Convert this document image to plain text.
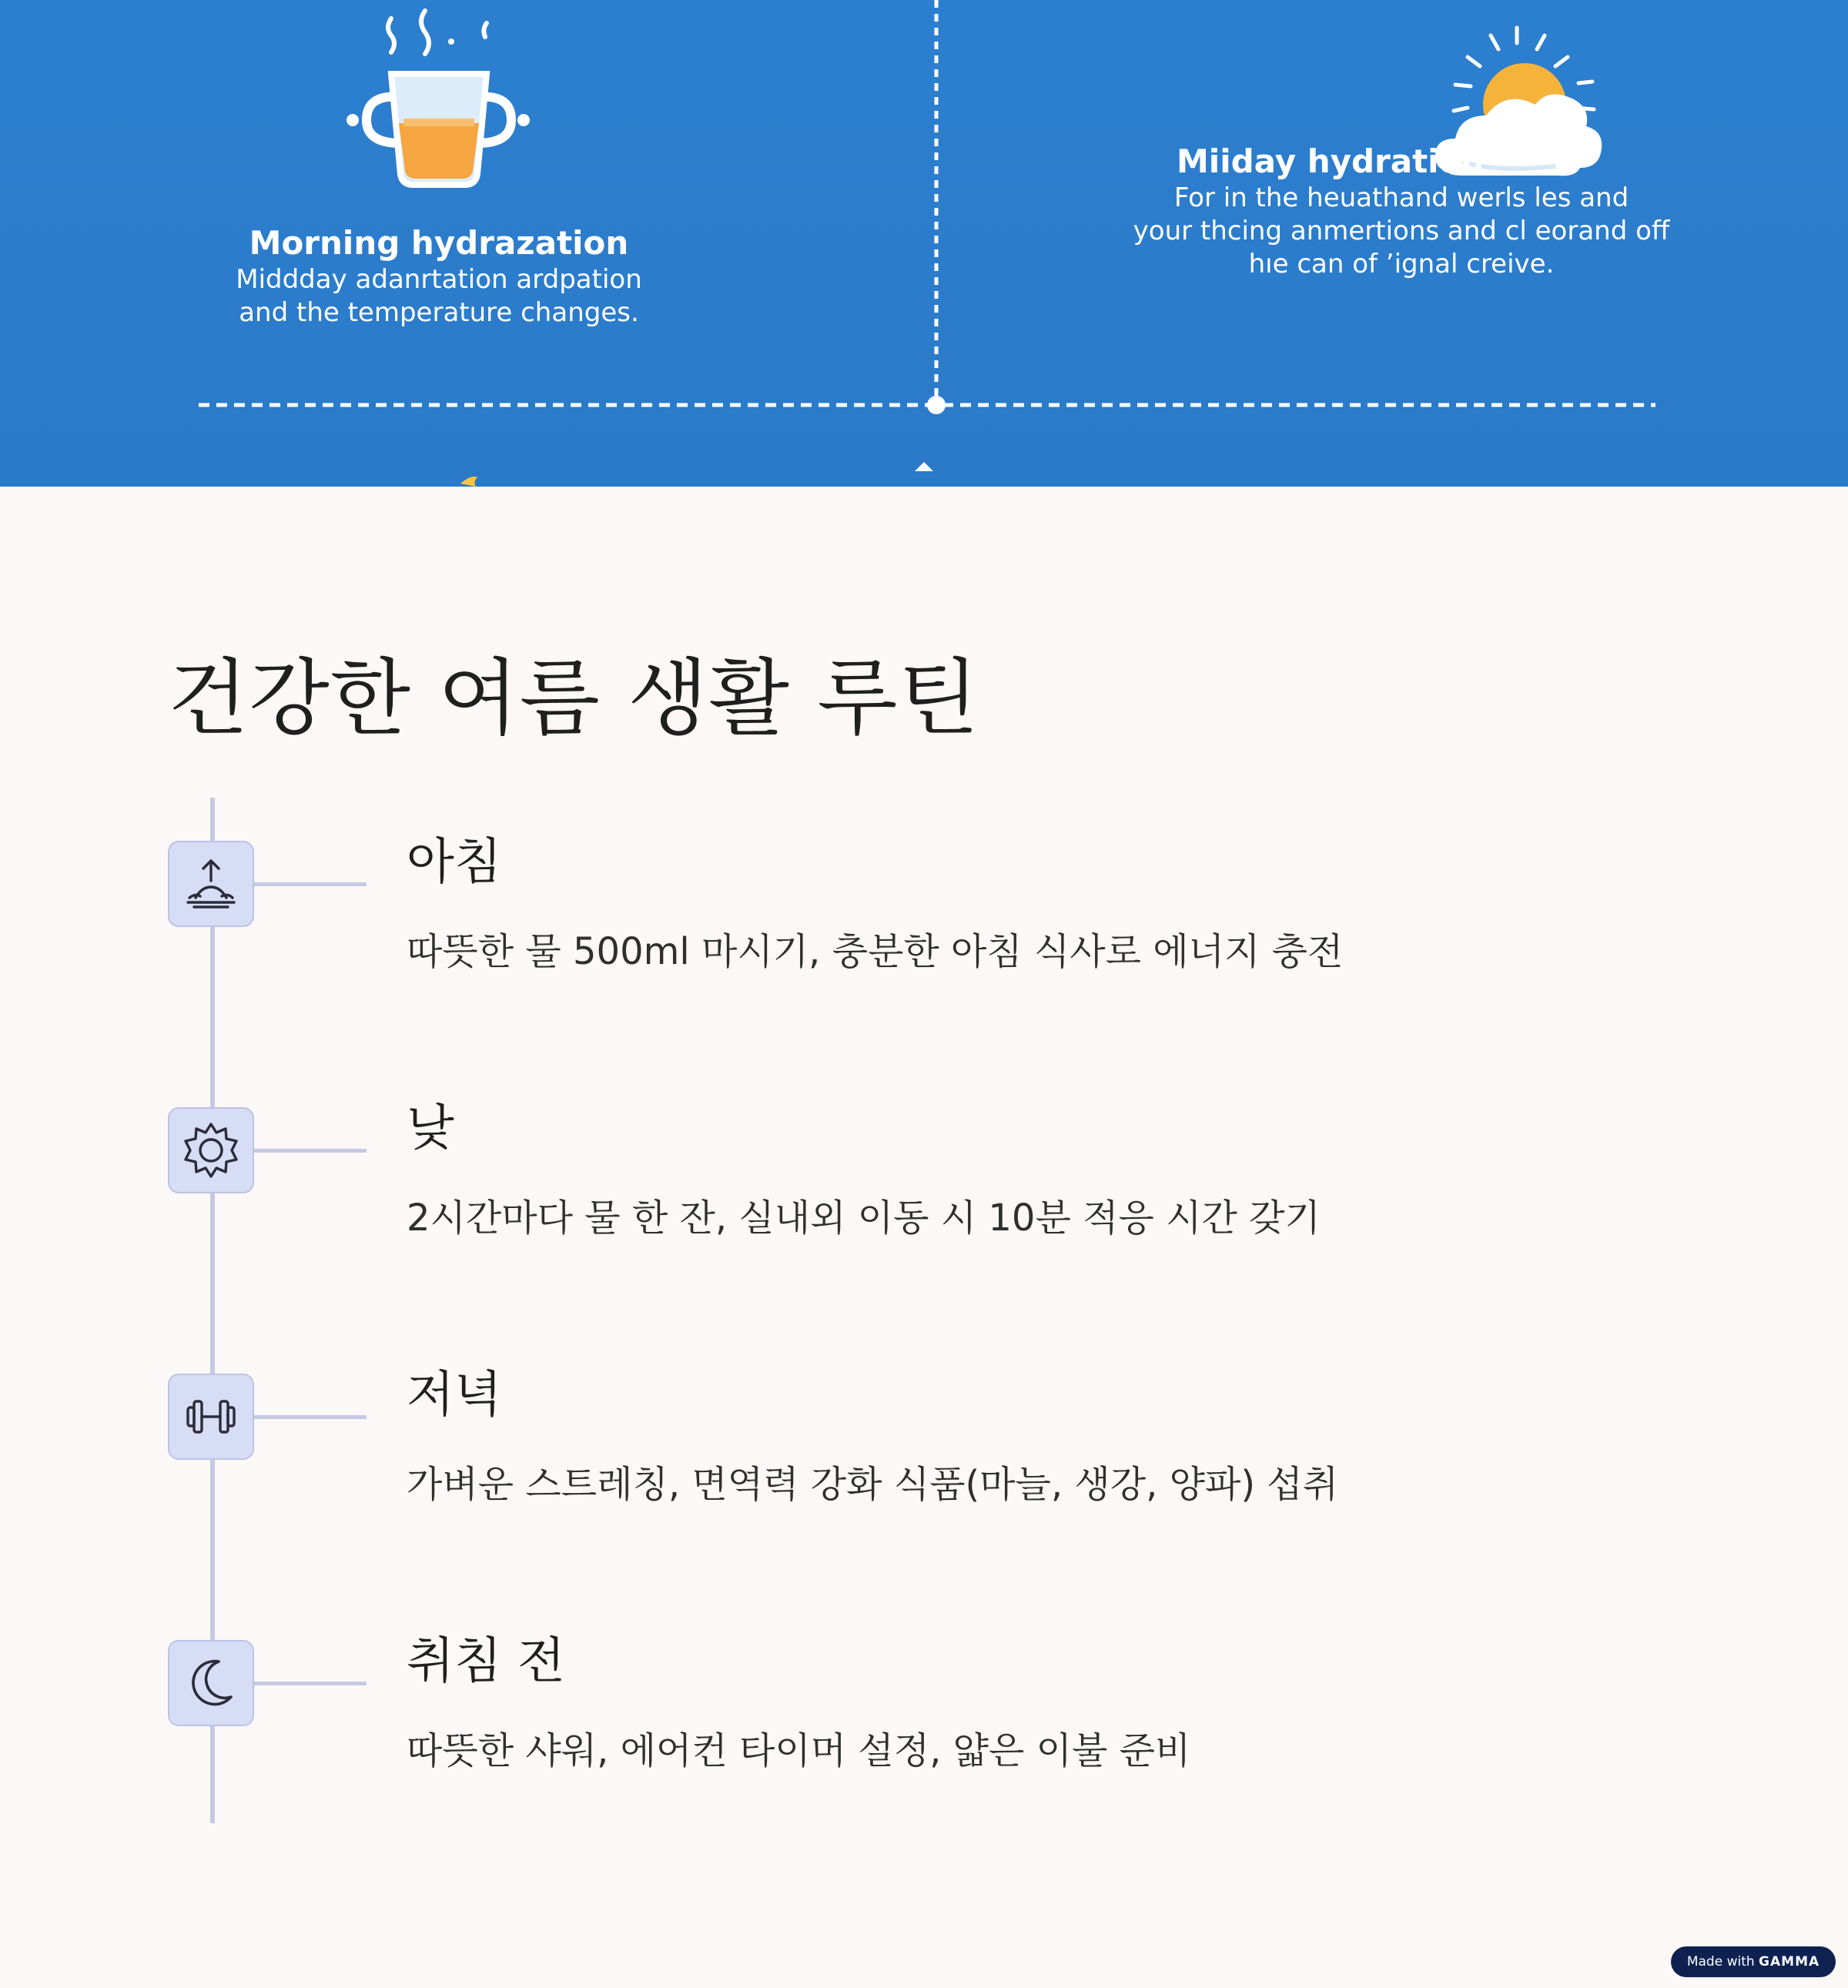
Morning hydrazation
Middday adanrtation ardpation
and the temperature changes.
Miiday hydration
For in the heuathand werls les and
your thcing anmertions and cl eorand off
hıe can of ʼignal creive.
건강한 여름 생활 루틴
아침
따뜻한 물 500ml 마시기, 충분한 아침 식사로 에너지 충전
낮
2시간마다 물 한 잔, 실내외 이동 시 10분 적응 시간 갖기
저녁
가벼운 스트레칭, 면역력 강화 식품(마늘, 생강, 양파) 섭취
취침 전
따뜻한 샤워, 에어컨 타이머 설정, 얇은 이불 준비
Made with GAMMA
